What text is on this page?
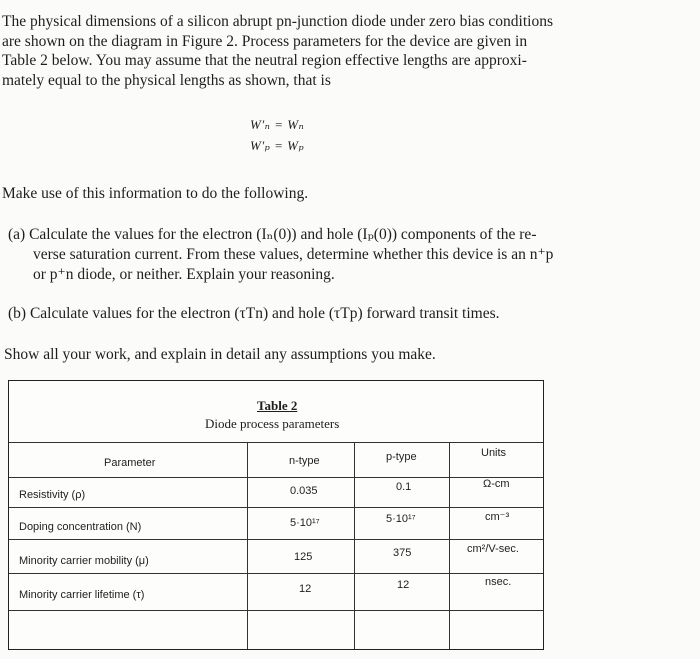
The physical dimensions of a silicon abrupt pn-junction diode under zero bias conditions
are shown on the diagram in Figure 2. Process parameters for the device are given in
Table 2 below. You may assume that the neutral region effective lengths are approxi-
mately equal to the physical lengths as shown, that is
W′ₙ = Wₙ
W′ₚ = Wₚ
Make use of this information to do the following.
(a) Calculate the values for the electron (Iₙ(0)) and hole (Iₚ(0)) components of the re-
verse saturation current. From these values, determine whether this device is an n⁺p
or p⁺n diode, or neither. Explain your reasoning.
(b) Calculate values for the electron (τTn) and hole (τTp) forward transit times.
Show all your work, and explain in detail any assumptions you make.
Table 2
Diode process parameters
Parameter	n-type	p-type	Units
Resistivity (ρ)	0.035	0.1	Ω-cm
Doping concentration (N)	5·10¹⁷	5·10¹⁷	cm⁻³
Minority carrier mobility (μ)	125	375	cm²/V-sec.
Minority carrier lifetime (τ)	12	12	nsec.
